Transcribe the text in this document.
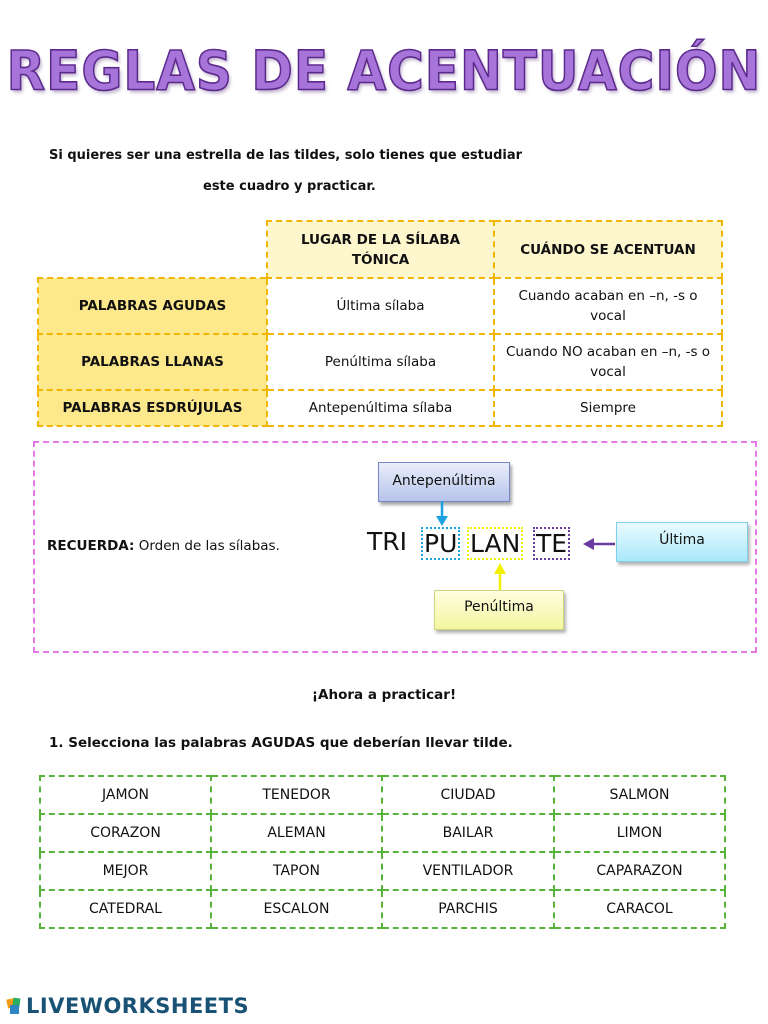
REGLAS DE ACENTUACIÓN
Si quieres ser una estrella de las tildes, solo tienes que estudiar
este cuadro y practicar.
	LUGAR DE LA SÍLABA TÓNICA	CUÁNDO SE ACENTUAN
PALABRAS AGUDAS	Última sílaba	Cuando acaban en –n, -s o vocal
PALABRAS LLANAS	Penúltima sílaba	Cuando NO acaban en –n, -s o vocal
PALABRAS ESDRÚJULAS	Antepenúltima sílaba	Siempre
RECUERDA: Orden de las sílabas.
Antepenúltima
Última
Penúltima
TRI PU LAN TE
¡Ahora a practicar!
1. Selecciona las palabras AGUDAS que deberían llevar tilde.
JAMON	TENEDOR	CIUDAD	SALMON
CORAZON	ALEMAN	BAILAR	LIMON
MEJOR	TAPON	VENTILADOR	CAPARAZON
CATEDRAL	ESCALON	PARCHIS	CARACOL
LIVEWORKSHEETS
